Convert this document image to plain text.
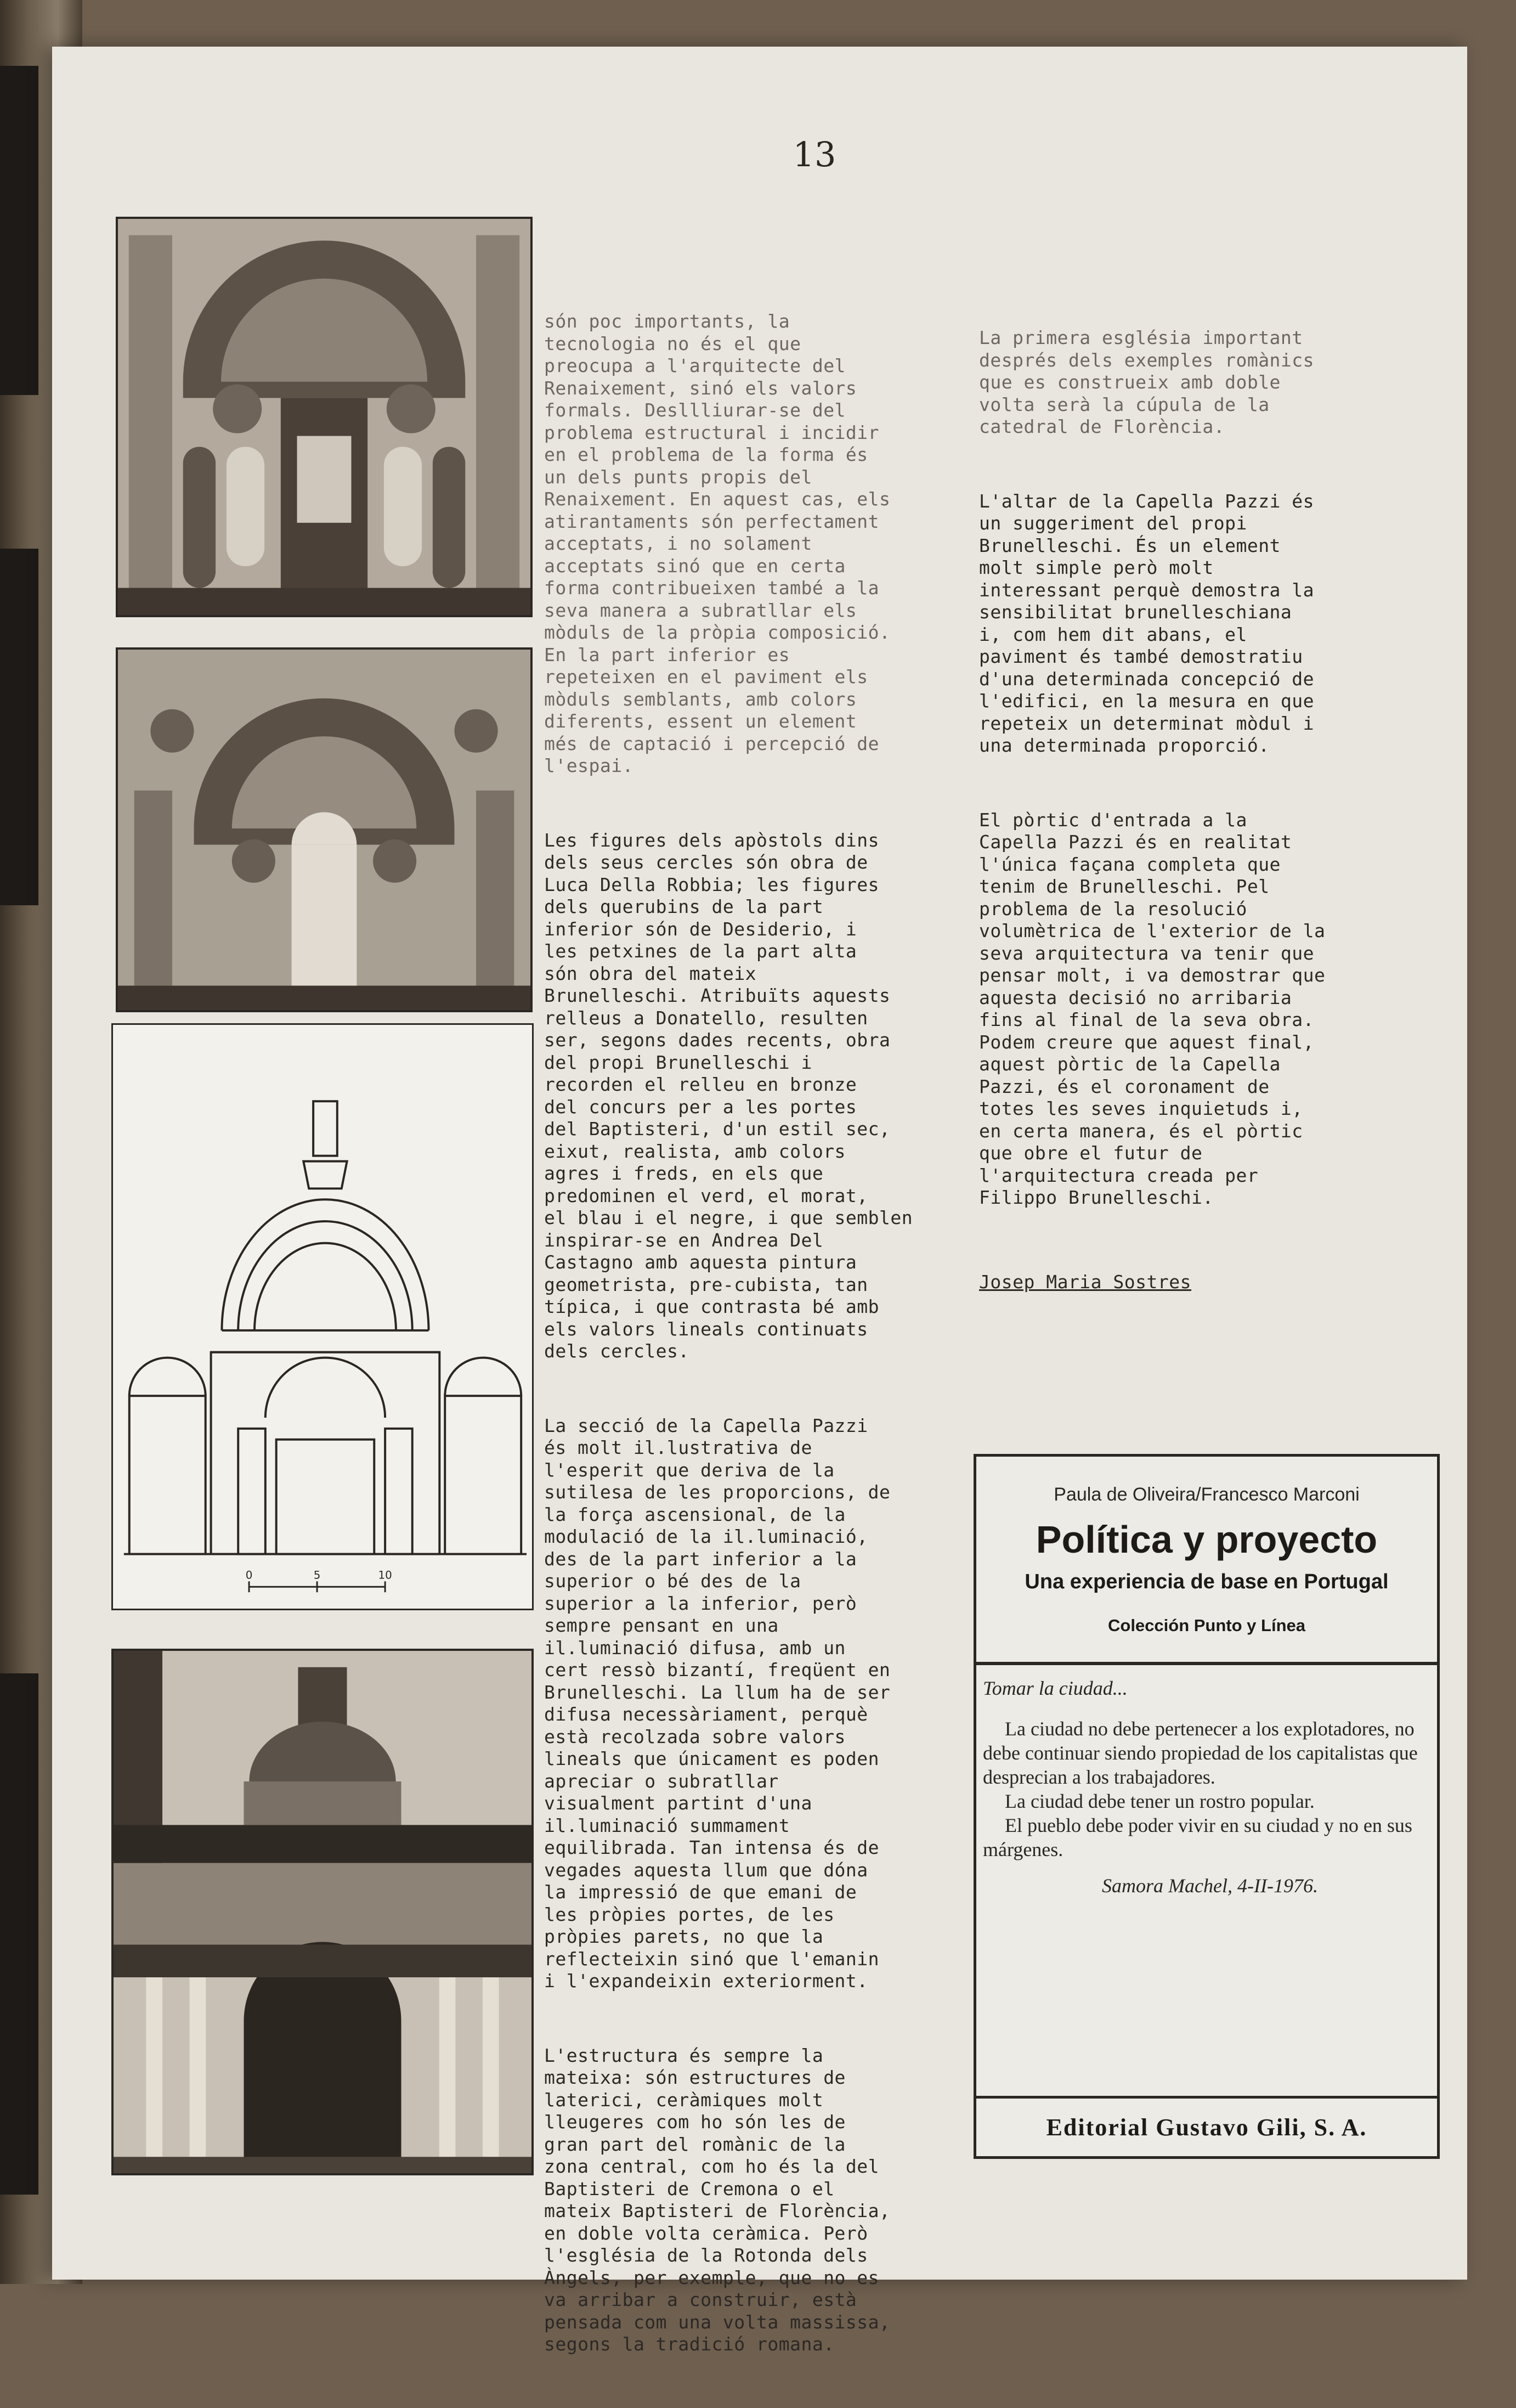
13
0	5	10

són poc importants, la
tecnologia no és el que
preocupa a l'arquitecte del
Renaixement, sinó els valors
formals. Desllliurar-se del
problema estructural i incidir
en el problema de la forma és
un dels punts propis del
Renaixement. En aquest cas, els
atirantaments són perfectament
acceptats, i no solament
acceptats sinó que en certa
forma contribueixen també a la
seva manera a subratllar els
mòduls de la pròpia composició.
En la part inferior es
repeteixen en el paviment els
mòduls semblants, amb colors
diferents, essent un element
més de captació i percepció de
l'espai.

Les figures dels apòstols dins
dels seus cercles són obra de
Luca Della Robbia; les figures
dels querubins de la part
inferior són de Desiderio, i
les petxines de la part alta
són obra del mateix
Brunelleschi. Atribuïts aquests
relleus a Donatello, resulten
ser, segons dades recents, obra
del propi Brunelleschi i
recorden el relleu en bronze
del concurs per a les portes
del Baptisteri, d'un estil sec,
eixut, realista, amb colors
agres i freds, en els que
predominen el verd, el morat,
el blau i el negre, i que semblen
inspirar-se en Andrea Del
Castagno amb aquesta pintura
geometrista, pre-cubista, tan
típica, i que contrasta bé amb
els valors lineals continuats
dels cercles.

La secció de la Capella Pazzi
és molt il.lustrativa de
l'esperit que deriva de la
sutilesa de les proporcions, de
la força ascensional, de la
modulació de la il.luminació,
des de la part inferior a la
superior o bé des de la
superior a la inferior, però
sempre pensant en una
il.luminació difusa, amb un
cert ressò bizantí, freqüent en
Brunelleschi. La llum ha de ser
difusa necessàriament, perquè
està recolzada sobre valors
lineals que únicament es poden
apreciar o subratllar
visualment partint d'una
il.luminació summament
equilibrada. Tan intensa és de
vegades aquesta llum que dóna
la impressió de que emani de
les pròpies portes, de les
pròpies parets, no que la
reflecteixin sinó que l'emanin
i l'expandeixin exteriorment.

L'estructura és sempre la
mateixa: són estructures de
laterici, ceràmiques molt
lleugeres com ho són les de
gran part del romànic de la
zona central, com ho és la del
Baptisteri de Cremona o el
mateix Baptisteri de Florència,
en doble volta ceràmica. Però
l'església de la Rotonda dels
Àngels, per exemple, que no es
va arribar a construir, està
pensada com una volta massissa,
segons la tradició romana.

La primera església important
després dels exemples romànics
que es construeix amb doble
volta serà la cúpula de la
catedral de Florència.

L'altar de la Capella Pazzi és
un suggeriment del propi
Brunelleschi. És un element
molt simple però molt
interessant perquè demostra la
sensibilitat brunelleschiana
i, com hem dit abans, el
paviment és també demostratiu
d'una determinada concepció de
l'edifici, en la mesura en que
repeteix un determinat mòdul i
una determinada proporció.

El pòrtic d'entrada a la
Capella Pazzi és en realitat
l'única façana completa que
tenim de Brunelleschi. Pel
problema de la resolució
volumètrica de l'exterior de la
seva arquitectura va tenir que
pensar molt, i va demostrar que
aquesta decisió no arribaria
fins al final de la seva obra.
Podem creure que aquest final,
aquest pòrtic de la Capella
Pazzi, és el coronament de
totes les seves inquietuds i,
en certa manera, és el pòrtic
que obre el futur de
l'arquitectura creada per
Filippo Brunelleschi.

Josep Maria Sostres

Paula de Oliveira/Francesco Marconi
Política y proyecto
Una experiencia de base en Portugal
Colección Punto y Línea
Tomar la ciudad...
La ciudad no debe pertenecer a los explotadores, no debe continuar siendo propiedad de los capitalistas que desprecian a los trabajadores.
La ciudad debe tener un rostro popular.
El pueblo debe poder vivir en su ciudad y no en sus márgenes.
Samora Machel, 4-II-1976.
Editorial Gustavo Gili, S. A.
